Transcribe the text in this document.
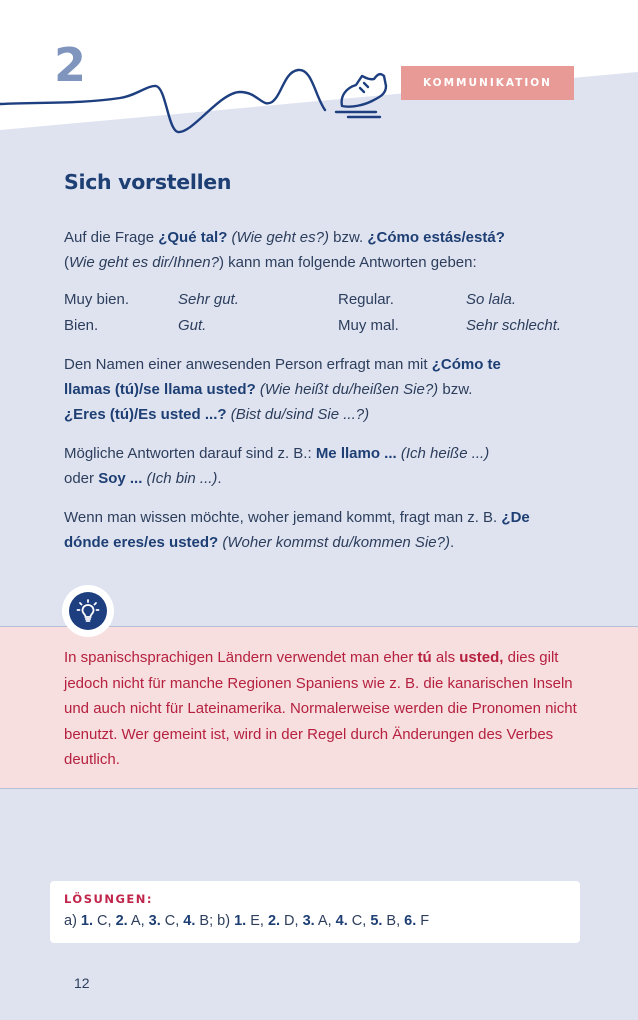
2	KOMMUNIKATION
Sich vorstellen
Auf die Frage ¿Qué tal? (Wie geht es?) bzw. ¿Cómo estás/está?
(Wie geht es dir/Ihnen?) kann man folgende Antworten geben:
Muy bien.	Sehr gut.	Regular.	So lala.
Bien.	Gut.	Muy mal.	Sehr schlecht.
Den Namen einer anwesenden Person erfragt man mit ¿Cómo te
llamas (tú)/se llama usted? (Wie heißt du/heißen Sie?) bzw.
¿Eres (tú)/Es usted ...? (Bist du/sind Sie ...?)
Mögliche Antworten darauf sind z. B.: Me llamo ... (Ich heiße ...)
oder Soy ... (Ich bin ...).
Wenn man wissen möchte, woher jemand kommt, fragt man z. B. ¿De
dónde eres/es usted? (Woher kommst du/kommen Sie?).
In spanischsprachigen Ländern verwendet man eher tú als usted, dies gilt jedoch nicht für manche Regionen Spaniens wie z. B. die kanarischen Inseln und auch nicht für Lateinamerika. Normalerweise werden die Pronomen nicht benutzt. Wer gemeint ist, wird in der Regel durch Änderungen des Verbes deutlich.
LÖSUNGEN:
a) 1. C, 2. A, 3. C, 4. B; b) 1. E, 2. D, 3. A, 4. C, 5. B, 6. F
12
